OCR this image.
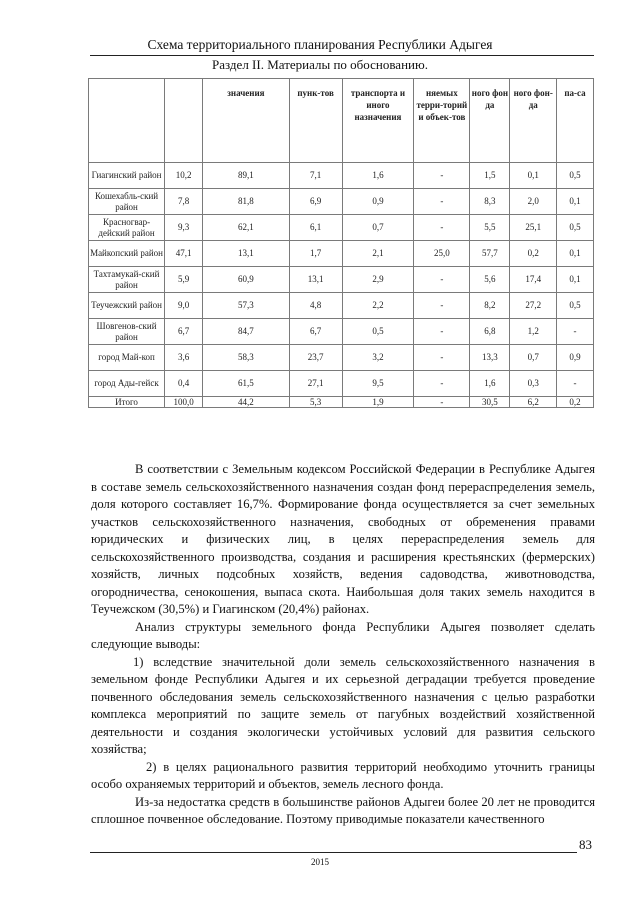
Схема территориального планирования Республики Адыгея
Раздел II. Материалы по обоснованию.
		значения	пунк-тов	транспорта и иного назначения	няемых терри-торий и объек-тов	ного фон да	ного фон-да	па-са
Гиагинский район	10,2	89,1	7,1	1,6	-	1,5	0,1	0,5
Кошехабль-ский район	7,8	81,8	6,9	0,9	-	8,3	2,0	0,1
Красногвар-дейский район	9,3	62,1	6,1	0,7	-	5,5	25,1	0,5
Майкопский район	47,1	13,1	1,7	2,1	25,0	57,7	0,2	0,1
Тахтамукай-ский район	5,9	60,9	13,1	2,9	-	5,6	17,4	0,1
Теучежский район	9,0	57,3	4,8	2,2	-	8,2	27,2	0,5
Шовгенов-ский район	6,7	84,7	6,7	0,5	-	6,8	1,2	-
город Май-коп	3,6	58,3	23,7	3,2	-	13,3	0,7	0,9
город Ады-гейск	0,4	61,5	27,1	9,5	-	1,6	0,3	-
Итого	100,0	44,2	5,3	1,9	-	30,5	6,2	0,2

В соответствии с Земельным кодексом Российской Федерации в Республике Адыгея в составе земель сельскохозяйственного назначения создан фонд перераспределения земель, доля которого составляет 16,7%. Формирование фонда осуществляется за счет земельных участков сельскохозяйственного назначения, свободных от обременения правами юридических и физических лиц, в целях перераспределения земель для сельскохозяйственного производства, создания и расширения крестьянских (фермерских) хозяйств, личных подсобных хозяйств, ведения садоводства, животноводства, огородничества, сенокошения, выпаса скота. Наибольшая доля таких земель находится в Теучежском (30,5%) и Гиагинском (20,4%) районах.

Анализ структуры земельного фонда Республики Адыгея позволяет сделать следующие выводы:

1) вследствие значительной доли земель сельскохозяйственного назначения в земельном фонде Республики Адыгея и их серьезной деградации требуется проведение почвенного обследования земель сельскохозяйственного назначения с целью разработки комплекса мероприятий по защите земель от пагубных воздействий хозяйственной деятельности и создания экологически устойчивых условий для развития сельского хозяйства;

2) в целях рационального развития территорий необходимо уточнить границы особо охраняемых территорий и объектов, земель лесного фонда.

Из-за недостатка средств в большинстве районов Адыгеи более 20 лет не проводится сплошное почвенное обследование. Поэтому приводимые показатели качественного

83
2015
